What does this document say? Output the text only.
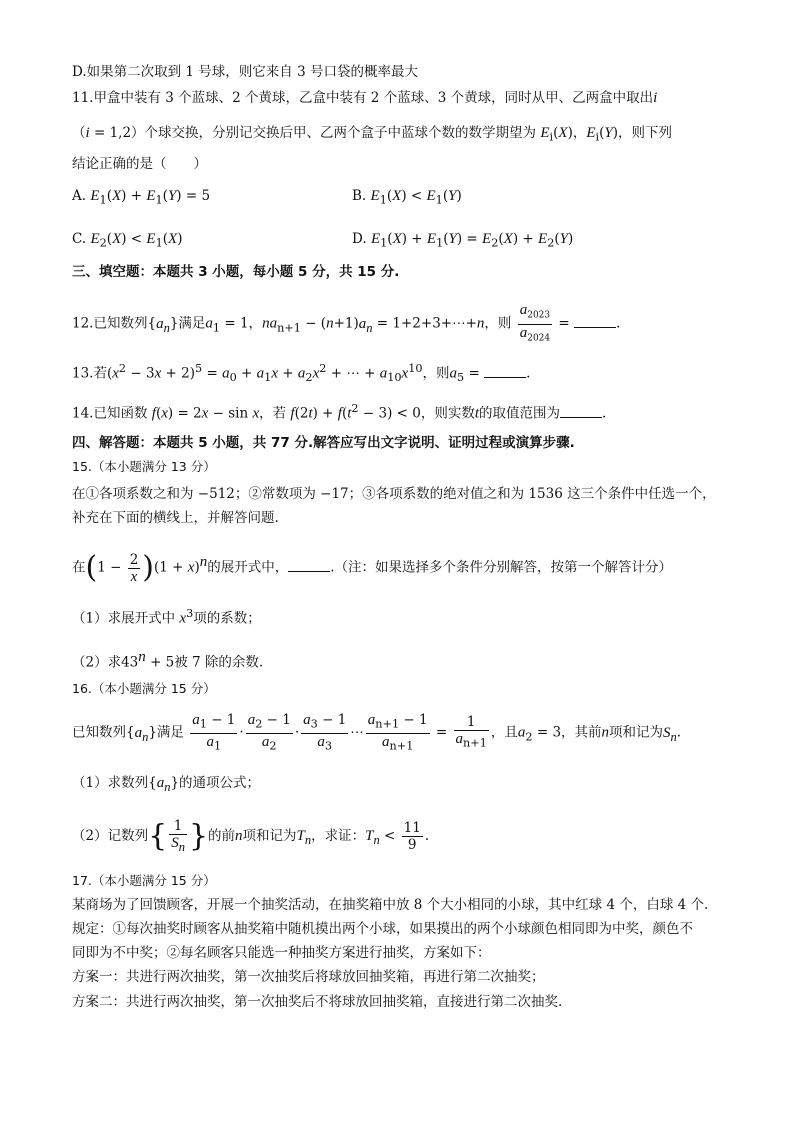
D.如果第二次取到 1 号球，则它来自 3 号口袋的概率最大
11.甲盒中装有 3 个蓝球、2 个黄球，乙盒中装有 2 个蓝球、3 个黄球，同时从甲、乙两盒中取出i
（i = 1,2）个球交换，分别记交换后甲、乙两个盒子中蓝球个数的数学期望为 $E_i(X)$，$E_i(Y)$，则下列
结论正确的是（　　）
A. $E_1(X) + E_1(Y) = 5$	B. $E_1(X) < E_1(Y)$
C. $E_2(X) < E_1(X)$	D. $E_1(X) + E_1(Y) = E_2(X) + E_2(Y)$
三、填空题：本题共 3 小题，每小题 5 分，共 15 分.
12.已知数列$\{a_n\}$满足$a_1 = 1$，$na_{n+1} - (n+1)a_n$ = 1+2+3+⋯+n，则 $\frac{a_{2023}}{a_{2024}}$ =	.
13.若$(x^2 - 3x + 2)^5 = a_0 + a_1x + a_2x^2$ + ⋯ + $a_{10}x^{10}$，则$a_5$ =	.
14.已知函数 f(x) = 2x − sin x，若 $f(2t) + f(t^2 - 3) < 0$，则实数t的取值范围为	.
四、解答题：本题共 5 小题，共 77 分.解答应写出文字说明、证明过程或演算步骤.
15.（本小题满分 13 分）
在①各项系数之和为 −512；②常数项为 −17；③各项系数的绝对值之和为 1536 这三个条件中任选一个，
补充在下面的横线上，并解答问题.
在$(1 - \frac{2}{x} )(1 + x)^n$的展开式中，	.（注：如果选择多个条件分别解答，按第一个解答计分）
（1）求展开式中 $x^3$项的系数；
（2）求$43^n + 5$被 7 除的余数.
16.（本小题满分 15 分）
已知数列$\{a_n\}$满足 $\frac{a_1 - 1}{a_1} \cdot \frac{a_2 - 1}{a_2} \cdot \frac{a_3 - 1}{a_3}$ ⋯ $\frac{a_{n+1} - 1}{a_{n+1}} = \frac{1}{a_{n+1}}$ ，且$a_2 = 3$，其前n项和记为$S_n$.
（1）求数列$\{a_n\}$的通项公式；
（2）记数列{ $\frac{1}{S_n}$ }的前n项和记为$T_n$，求证：$T_n < \frac{11}{9}$ .
17.（本小题满分 15 分）
某商场为了回馈顾客，开展一个抽奖活动，在抽奖箱中放 8 个大小相同的小球，其中红球 4 个，白球 4 个.
规定：①每次抽奖时顾客从抽奖箱中随机摸出两个小球，如果摸出的两个小球颜色相同即为中奖，颜色不
同即为不中奖；②每名顾客只能选一种抽奖方案进行抽奖，方案如下：
方案一：共进行两次抽奖，第一次抽奖后将球放回抽奖箱，再进行第二次抽奖；
方案二：共进行两次抽奖，第一次抽奖后不将球放回抽奖箱，直接进行第二次抽奖.
